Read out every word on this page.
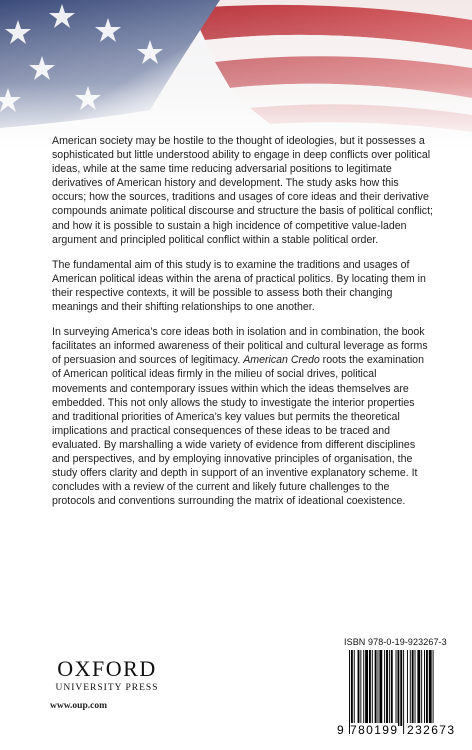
American society may be hostile to the thought of ideologies, but it possesses a sophisticated but little understood ability to engage in deep conflicts over political ideas, while at the same time reducing adversarial positions to legitimate derivatives of American history and development. The study asks how this occurs; how the sources, traditions and usages of core ideas and their derivative compounds animate political discourse and structure the basis of political conflict; and how it is possible to sustain a high incidence of competitive value-laden argument and principled political conflict within a stable political order.

The fundamental aim of this study is to examine the traditions and usages of American political ideas within the arena of practical politics. By locating them in their respective contexts, it will be possible to assess both their changing meanings and their shifting relationships to one another.

In surveying America’s core ideas both in isolation and in combination, the book facilitates an informed awareness of their political and cultural leverage as forms of persuasion and sources of legitimacy. American Credo roots the examination of American political ideas firmly in the milieu of social drives, political movements and contemporary issues within which the ideas themselves are embedded. This not only allows the study to investigate the interior properties and traditional priorities of America’s key values but permits the theoretical implications and practical consequences of these ideas to be traced and evaluated. By marshalling a wide variety of evidence from different disciplines and perspectives, and by employing innovative principles of organisation, the study offers clarity and depth in support of an inventive explanatory scheme. It concludes with a review of the current and likely future challenges to the protocols and conventions surrounding the matrix of ideational coexistence.

ISBN 978-0-19-923267-3
9 780199 232673
OXFORD
UNIVERSITY PRESS
www.oup.com
